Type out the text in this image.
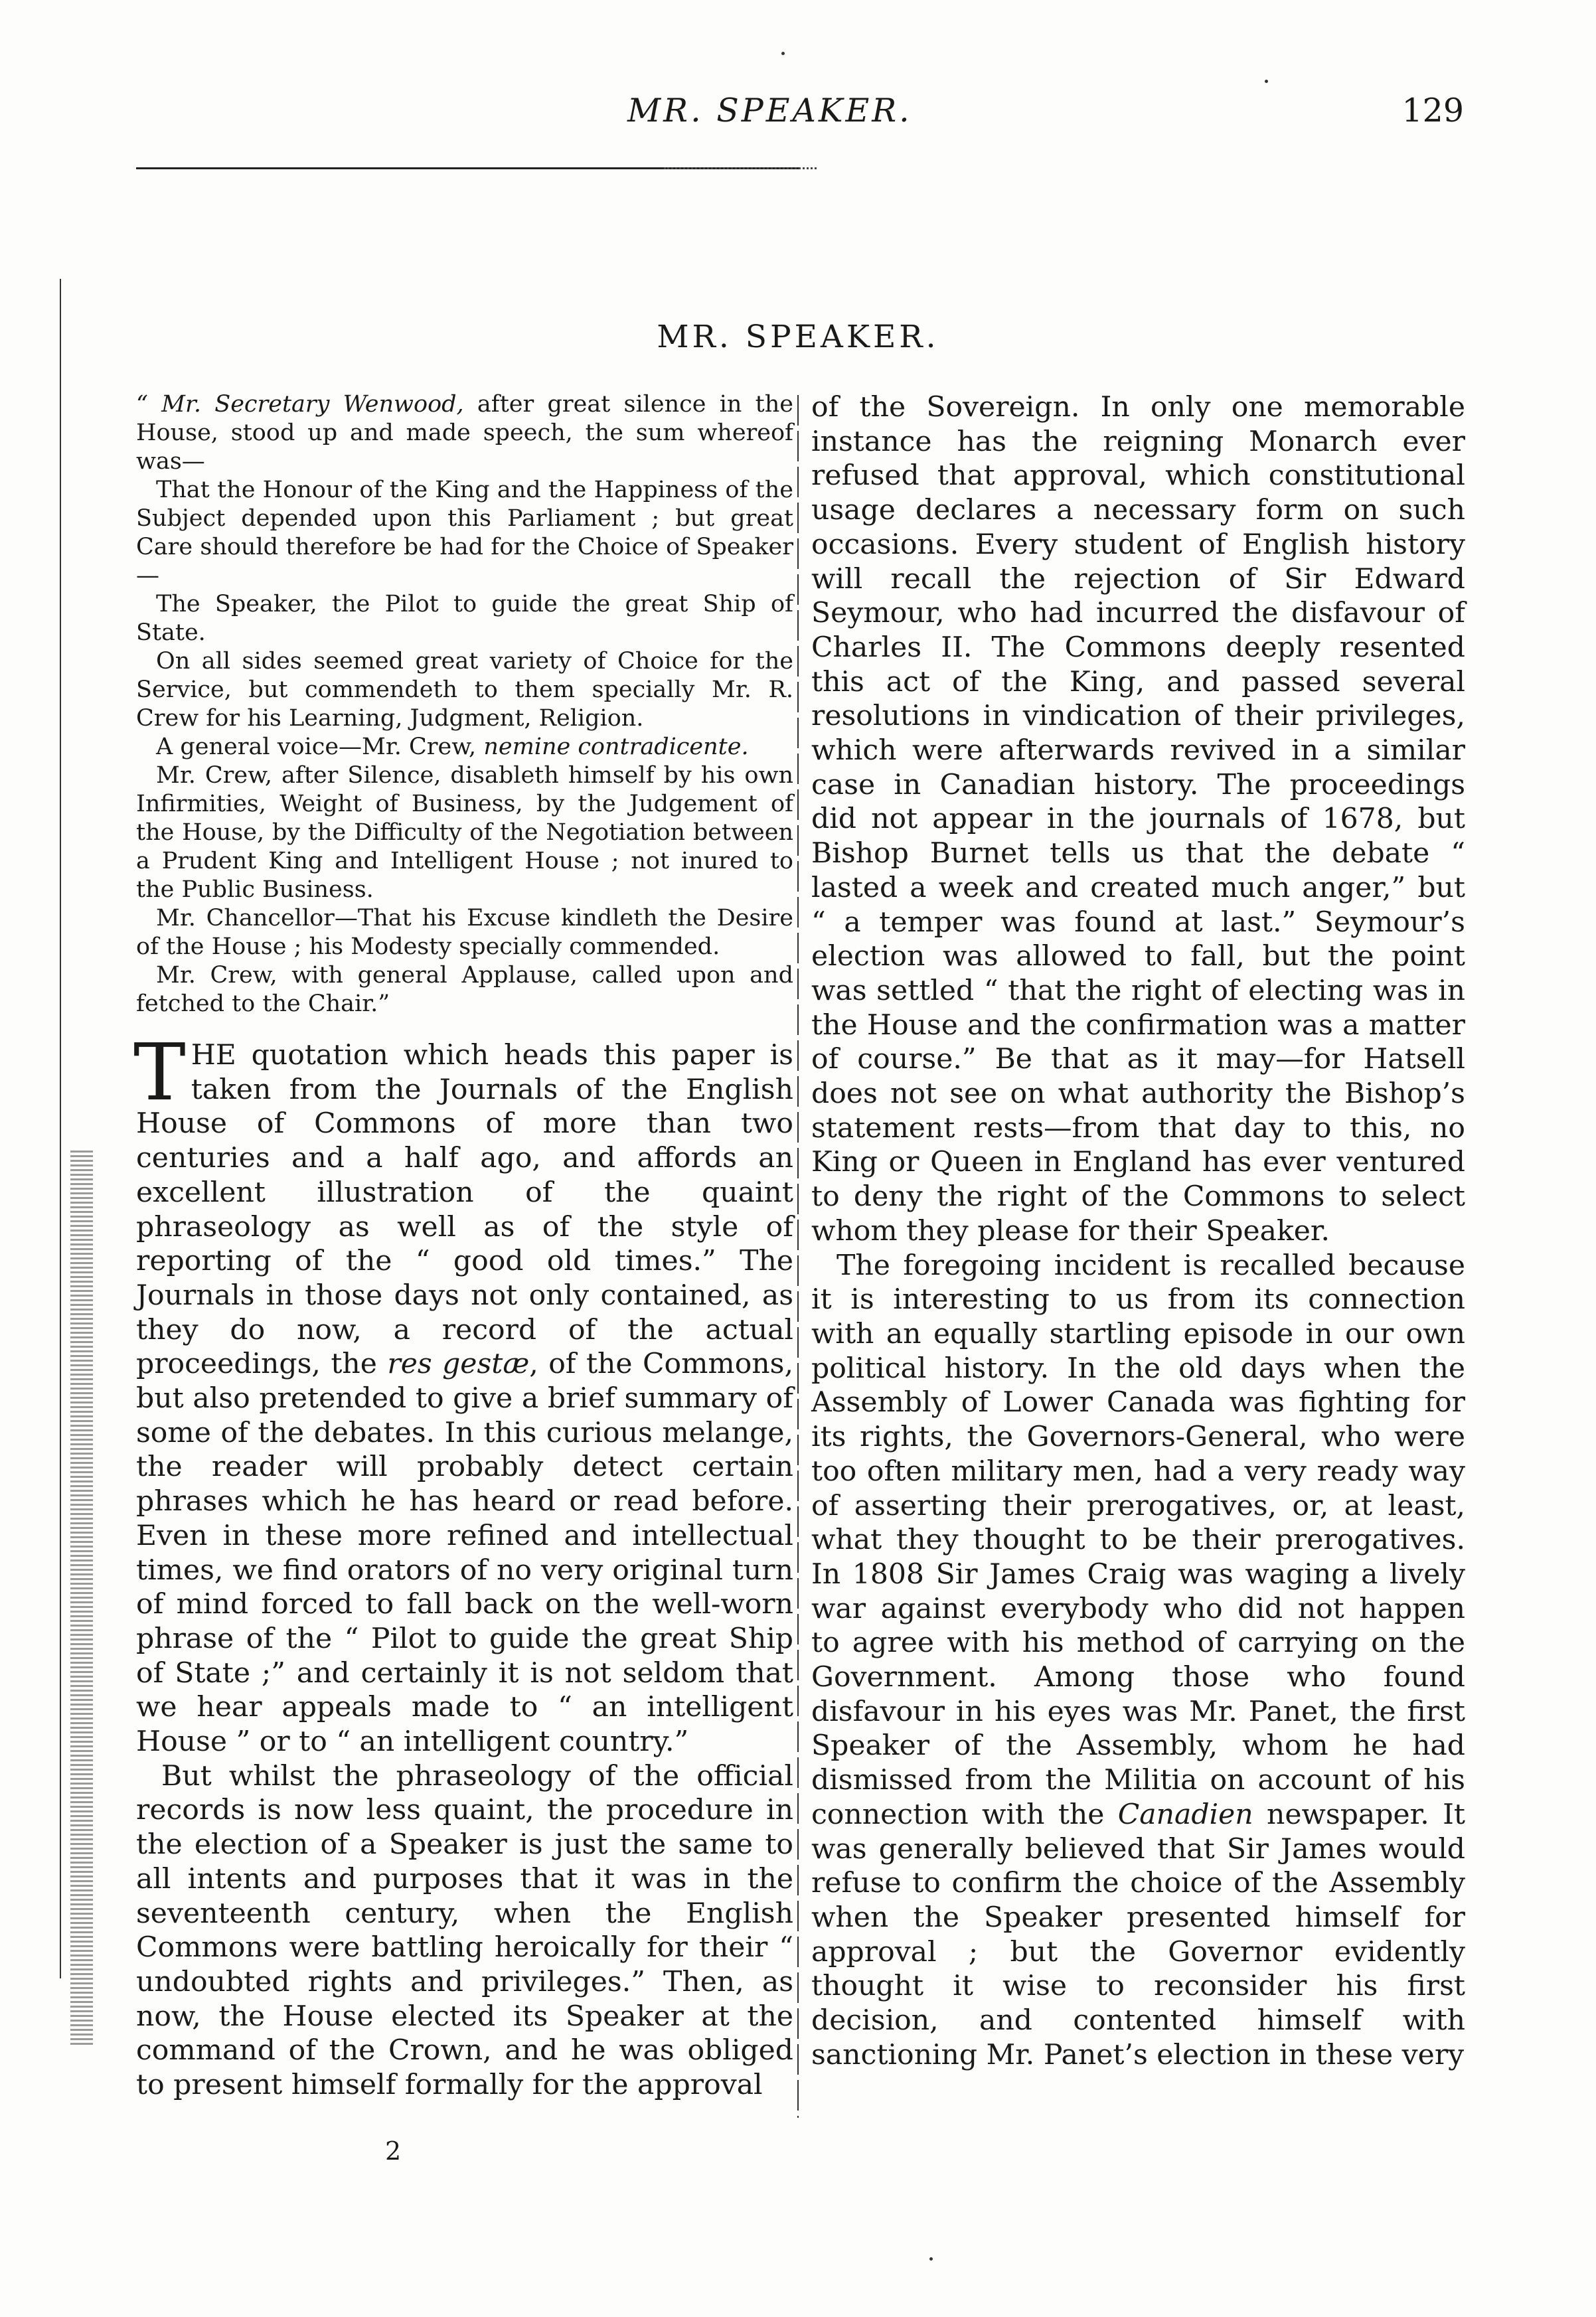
MR. SPEAKER.	129
MR. SPEAKER.

“ Mr. Secretary Wenwood, after great silence in the House, stood up and made speech, the sum whereof was—

That the Honour of the King and the Happiness of the Subject depended upon this Parliament ; but great Care should therefore be had for the Choice of Speaker—

The Speaker, the Pilot to guide the great Ship of State.

On all sides seemed great variety of Choice for the Service, but commendeth to them specially Mr. R. Crew for his Learning, Judgment, Religion.

A general voice—Mr. Crew, nemine contradicente.

Mr. Crew, after Silence, disableth himself by his own Infirmities, Weight of Business, by the Judgement of the House, by the Difficulty of the Negotiation between a Prudent King and Intelligent House ; not inured to the Public Business.

Mr. Chancellor—That his Excuse kindleth the Desire of the House ; his Modesty specially commended.

Mr. Crew, with general Applause, called upon and fetched to the Chair.”

THE quotation which heads this paper is taken from the Journals of the English House of Commons of more than two centuries and a half ago, and affords an excellent illustration of the quaint phraseology as well as of the style of reporting of the “ good old times.” The Journals in those days not only contained, as they do now, a record of the actual proceedings, the res gestæ, of the Commons, but also pretended to give a brief summary of some of the debates. In this curious melange, the reader will probably detect certain phrases which he has heard or read before. Even in these more refined and intellectual times, we find orators of no very original turn of mind forced to fall back on the well-worn phrase of the “ Pilot to guide the great Ship of State ;” and certainly it is not seldom that we hear appeals made to “ an intelligent House ” or to “ an intelligent country.”

But whilst the phraseology of the official records is now less quaint, the procedure in the election of a Speaker is just the same to all intents and purposes that it was in the seventeenth century, when the English Commons were battling heroically for their “ undoubted rights and privileges.” Then, as now, the House elected its Speaker at the command of the Crown, and he was obliged to present himself formally for the approval

of the Sovereign. In only one memorable instance has the reigning Monarch ever refused that approval, which constitutional usage declares a necessary form on such occasions. Every student of English history will recall the rejection of Sir Edward Seymour, who had incurred the disfavour of Charles II. The Commons deeply resented this act of the King, and passed several resolutions in vindication of their privileges, which were afterwards revived in a similar case in Canadian history. The proceedings did not appear in the journals of 1678, but Bishop Burnet tells us that the debate “ lasted a week and created much anger,” but “ a temper was found at last.” Seymour’s election was allowed to fall, but the point was settled “ that the right of electing was in the House and the confirmation was a matter of course.” Be that as it may—for Hatsell does not see on what authority the Bishop’s statement rests—from that day to this, no King or Queen in England has ever ventured to deny the right of the Commons to select whom they please for their Speaker.

The foregoing incident is recalled because it is interesting to us from its connection with an equally startling episode in our own political history. In the old days when the Assembly of Lower Canada was fighting for its rights, the Governors-General, who were too often military men, had a very ready way of asserting their prerogatives, or, at least, what they thought to be their prerogatives. In 1808 Sir James Craig was waging a lively war against everybody who did not happen to agree with his method of carrying on the Government. Among those who found disfavour in his eyes was Mr. Panet, the first Speaker of the Assembly, whom he had dismissed from the Militia on account of his connection with the Canadien newspaper. It was generally believed that Sir James would refuse to confirm the choice of the Assembly when the Speaker presented himself for approval ; but the Governor evidently thought it wise to reconsider his first decision, and contented himself with sanctioning Mr. Panet’s election in these very

2
